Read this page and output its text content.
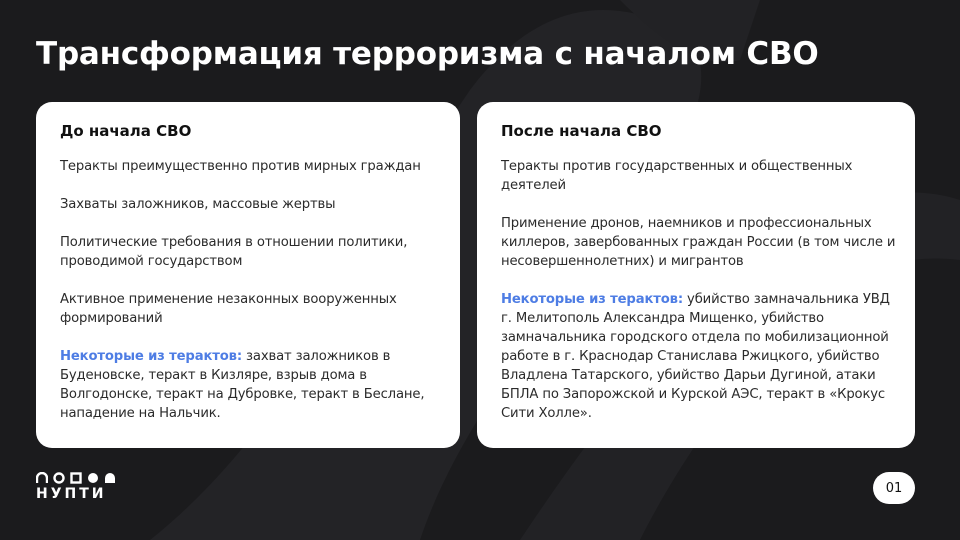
Трансформация терроризма с началом СВО
До начала СВО

Теракты преимущественно против мирных граждан

Захваты заложников, массовые жертвы

Политические требования в отношении политики, проводимой государством

Активное применение незаконных вооруженных формирований

Некоторые из терактов: захват заложников в Буденовске, теракт в Кизляре, взрыв дома в Волгодонске, теракт на Дубровке, теракт в Беслане, нападение на Нальчик.

После начала СВО

Теракты против государственных и общественных деятелей

Применение дронов, наемников и профессиональных киллеров, завербованных граждан России (в том числе и несовершеннолетних) и мигрантов

Некоторые из терактов: убийство замначальника УВД г. Мелитополь Александра Мищенко, убийство замначальника городского отдела по мобилизационной работе в г. Краснодар Станислава Ржицкого, убийство Владлена Татарского, убийство Дарьи Дугиной, атаки БПЛА по Запорожской и Курской АЭС, теракт в «Крокус Сити Холле».

НУПТИ	01
